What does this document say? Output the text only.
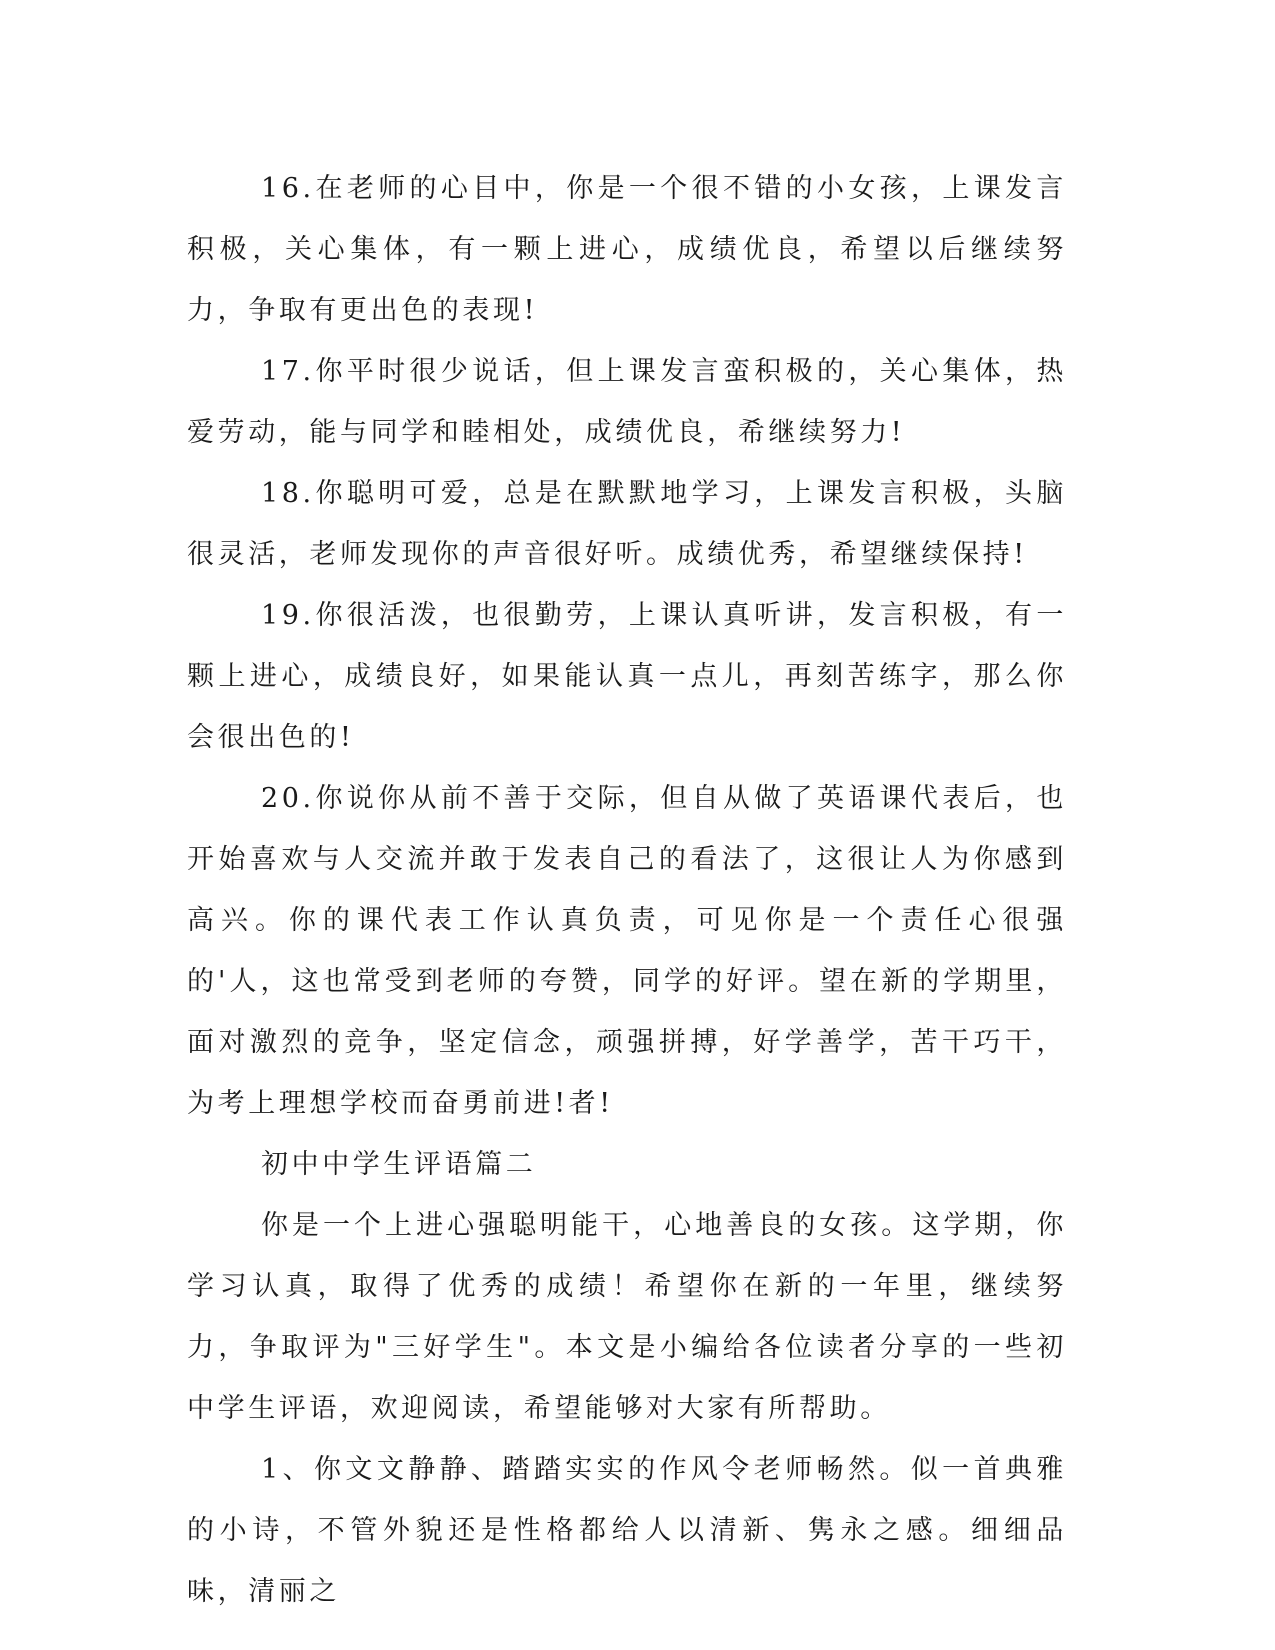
16.在老师的心目中，你是一个很不错的小女孩，上课发言积极，关心集体，有一颗上进心，成绩优良，希望以后继续努力，争取有更出色的表现!

17.你平时很少说话，但上课发言蛮积极的，关心集体，热爱劳动，能与同学和睦相处，成绩优良，希继续努力!

18.你聪明可爱，总是在默默地学习，上课发言积极，头脑很灵活，老师发现你的声音很好听。成绩优秀，希望继续保持!

19.你很活泼，也很勤劳，上课认真听讲，发言积极，有一颗上进心，成绩良好，如果能认真一点儿，再刻苦练字，那么你会很出色的!

20.你说你从前不善于交际，但自从做了英语课代表后，也开始喜欢与人交流并敢于发表自己的看法了，这很让人为你感到高兴。你的课代表工作认真负责，可见你是一个责任心很强的'人，这也常受到老师的夸赞，同学的好评。望在新的学期里，面对激烈的竞争，坚定信念，顽强拼搏，好学善学，苦干巧干，为考上理想学校而奋勇前进!者!

初中中学生评语篇二

你是一个上进心强聪明能干，心地善良的女孩。这学期，你学习认真，取得了优秀的成绩！希望你在新的一年里，继续努力，争取评为"三好学生"。本文是小编给各位读者分享的一些初中学生评语，欢迎阅读，希望能够对大家有所帮助。

1、你文文静静、踏踏实实的作风令老师畅然。似一首典雅的小诗，不管外貌还是性格都给人以清新、隽永之感。细细品味，清丽之
